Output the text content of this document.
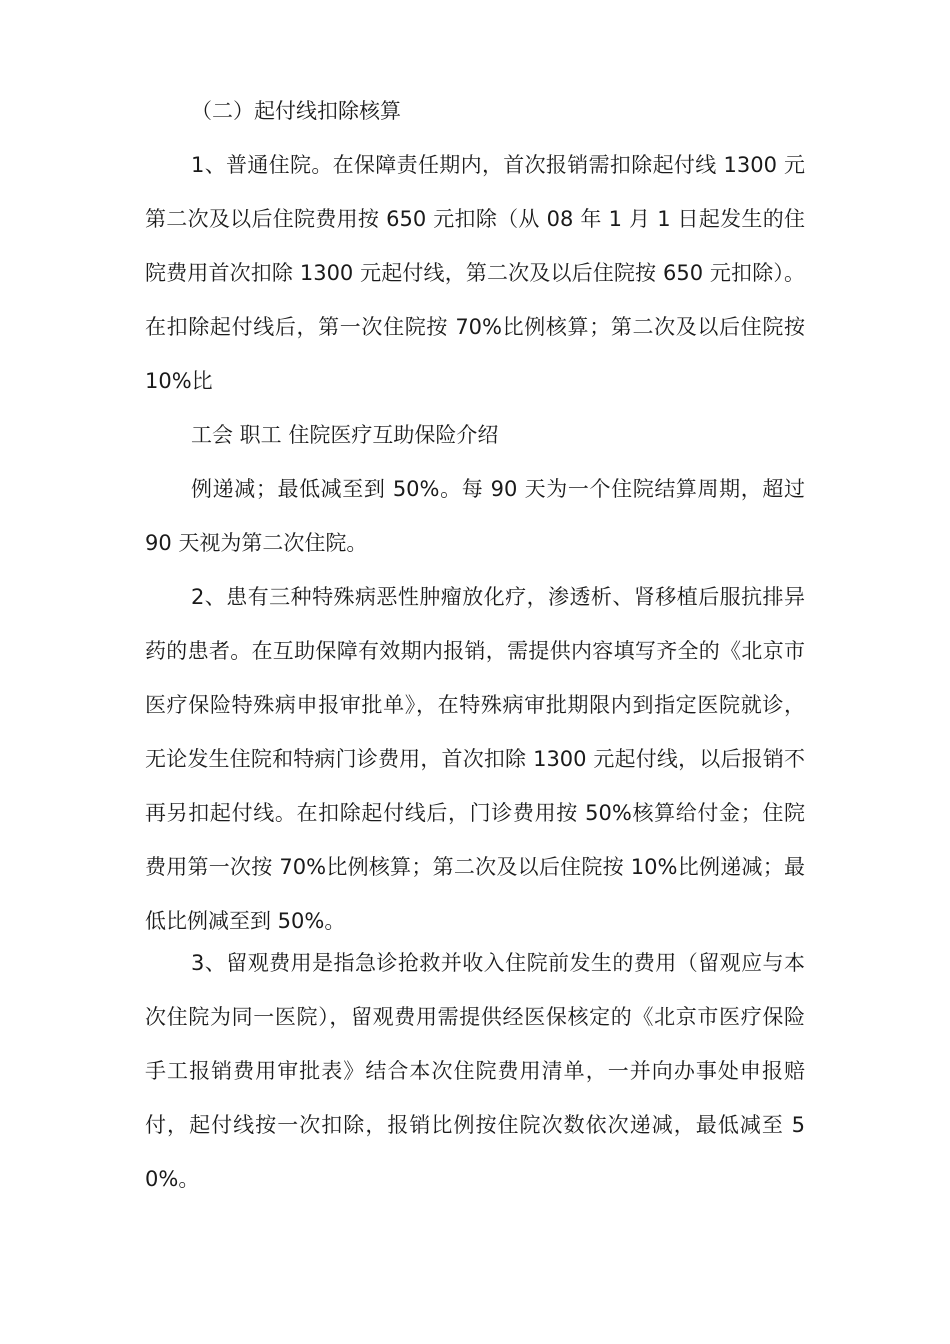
（二）起付线扣除核算

1、普通住院。在保障责任期内，首次报销需扣除起付线 1300 元第二次及以后住院费用按 650 元扣除（从 08 年 1 月 1 日起发生的住院费用首次扣除 1300 元起付线，第二次及以后住院按 650 元扣除）。在扣除起付线后，第一次住院按 70%比例核算；第二次及以后住院按 10%比

工会 职工 住院医疗互助保险介绍

例递减；最低减至到 50%。每 90 天为一个住院结算周期，超过 90 天视为第二次住院。

2、患有三种特殊病恶性肿瘤放化疗，渗透析、肾移植后服抗排异药的患者。在互助保障有效期内报销，需提供内容填写齐全的《北京市医疗保险特殊病申报审批单》，在特殊病审批期限内到指定医院就诊，无论发生住院和特病门诊费用，首次扣除 1300 元起付线，以后报销不再另扣起付线。在扣除起付线后，门诊费用按 50%核算给付金；住院费用第一次按 70%比例核算；第二次及以后住院按 10%比例递减；最低比例减至到 50%。

3、留观费用是指急诊抢救并收入住院前发生的费用（留观应与本次住院为同一医院），留观费用需提供经医保核定的《北京市医疗保险手工报销费用审批表》结合本次住院费用清单，一并向办事处申报赔付，起付线按一次扣除，报销比例按住院次数依次递减，最低减至 50%。
